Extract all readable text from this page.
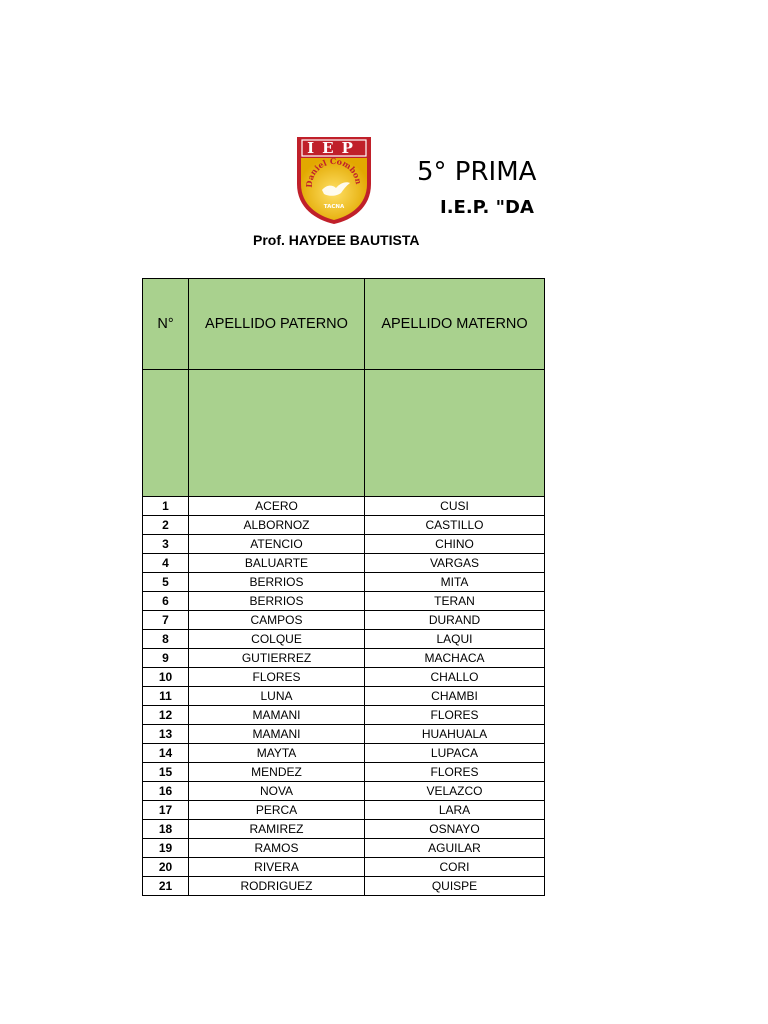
IEP
Daniel Combon
TACNA
5° PRIMA
I.E.P. "DA
Prof. HAYDEE BAUTISTA
N°	APELLIDO PATERNO	APELLIDO MATERNO

1	ACERO	CUSI
2	ALBORNOZ	CASTILLO
3	ATENCIO	CHINO
4	BALUARTE	VARGAS
5	BERRIOS	MITA
6	BERRIOS	TERAN
7	CAMPOS	DURAND
8	COLQUE	LAQUI
9	GUTIERREZ	MACHACA
10	FLORES	CHALLO
11	LUNA	CHAMBI
12	MAMANI	FLORES
13	MAMANI	HUAHUALA
14	MAYTA	LUPACA
15	MENDEZ	FLORES
16	NOVA	VELAZCO
17	PERCA	LARA
18	RAMIREZ	OSNAYO
19	RAMOS	AGUILAR
20	RIVERA	CORI
21	RODRIGUEZ	QUISPE
